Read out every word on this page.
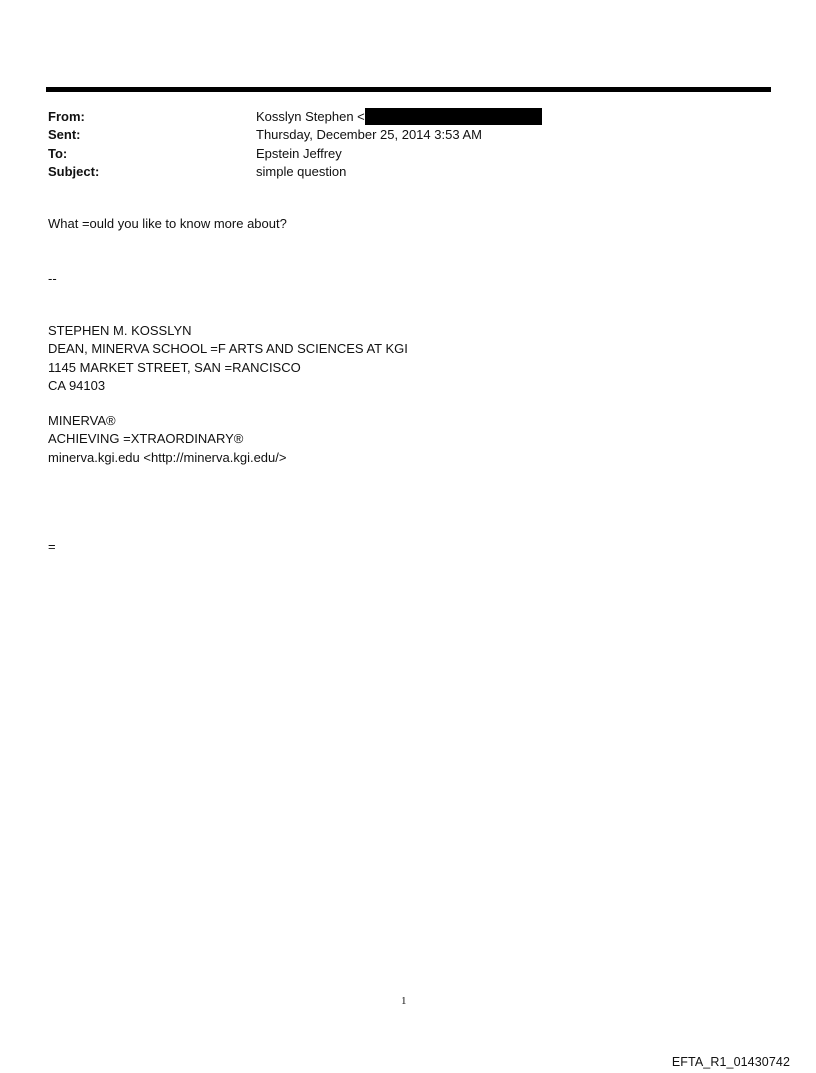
From:	Kosslyn Stephen <
Sent:	Thursday, December 25, 2014 3:53 AM
To:	Epstein Jeffrey
Subject:	simple question
What =ould you like to know more about?
--
STEPHEN M. KOSSLYN
DEAN, MINERVA SCHOOL =F ARTS AND SCIENCES AT KGI
1145 MARKET STREET, SAN =RANCISCO
CA 94103
MINERVA®
ACHIEVING =XTRAORDINARY®
minerva.kgi.edu <http://minerva.kgi.edu/>
=
1
EFTA_R1_01430742
